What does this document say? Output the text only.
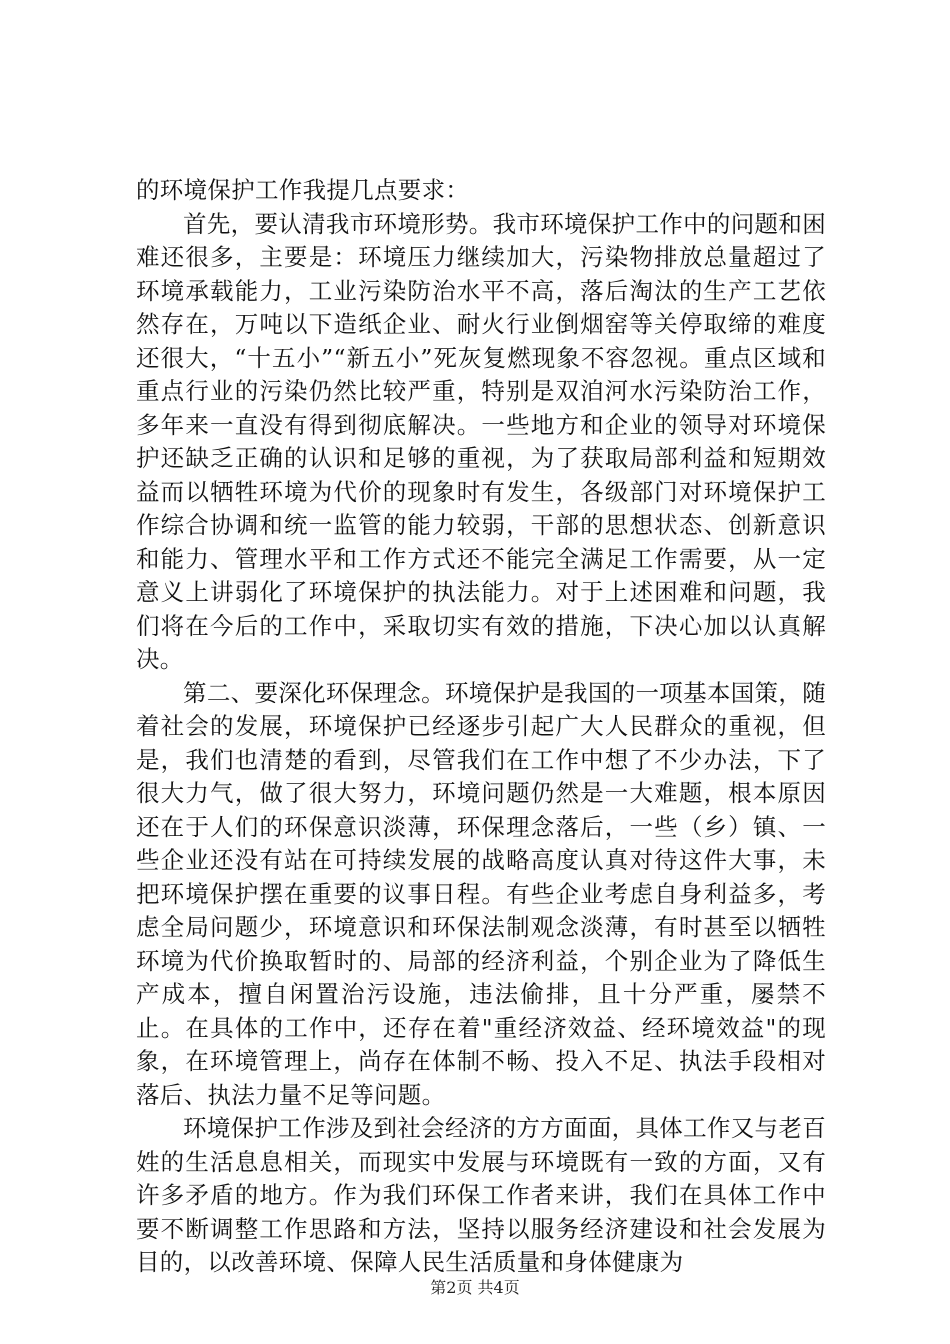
的环境保护工作我提几点要求：

首先，要认清我市环境形势。我市环境保护工作中的问题和困难还很多，主要是：环境压力继续加大，污染物排放总量超过了环境承载能力，工业污染防治水平不高，落后淘汰的生产工艺依然存在，万吨以下造纸企业、耐火行业倒烟窑等关停取缔的难度还很大，“十五小”“新五小”死灰复燃现象不容忽视。重点区域和重点行业的污染仍然比较严重，特别是双洎河水污染防治工作，多年来一直没有得到彻底解决。一些地方和企业的领导对环境保护还缺乏正确的认识和足够的重视，为了获取局部利益和短期效益而以牺牲环境为代价的现象时有发生，各级部门对环境保护工作综合协调和统一监管的能力较弱，干部的思想状态、创新意识和能力、管理水平和工作方式还不能完全满足工作需要，从一定意义上讲弱化了环境保护的执法能力。对于上述困难和问题，我们将在今后的工作中，采取切实有效的措施，下决心加以认真解决。

第二、要深化环保理念。环境保护是我国的一项基本国策，随着社会的发展，环境保护已经逐步引起广大人民群众的重视，但是，我们也清楚的看到，尽管我们在工作中想了不少办法，下了很大力气，做了很大努力，环境问题仍然是一大难题，根本原因还在于人们的环保意识淡薄，环保理念落后，一些（乡）镇、一些企业还没有站在可持续发展的战略高度认真对待这件大事，未把环境保护摆在重要的议事日程。有些企业考虑自身利益多，考虑全局问题少，环境意识和环保法制观念淡薄，有时甚至以牺牲环境为代价换取暂时的、局部的经济利益，个别企业为了降低生产成本，擅自闲置治污设施，违法偷排，且十分严重，屡禁不止。在具体的工作中，还存在着"重经济效益、经环境效益"的现象，在环境管理上，尚存在体制不畅、投入不足、执法手段相对落后、执法力量不足等问题。

环境保护工作涉及到社会经济的方方面面，具体工作又与老百姓的生活息息相关，而现实中发展与环境既有一致的方面，又有许多矛盾的地方。作为我们环保工作者来讲，我们在具体工作中要不断调整工作思路和方法，坚持以服务经济建设和社会发展为目的，以改善环境、保障人民生活质量和身体健康为

第2页 共4页
